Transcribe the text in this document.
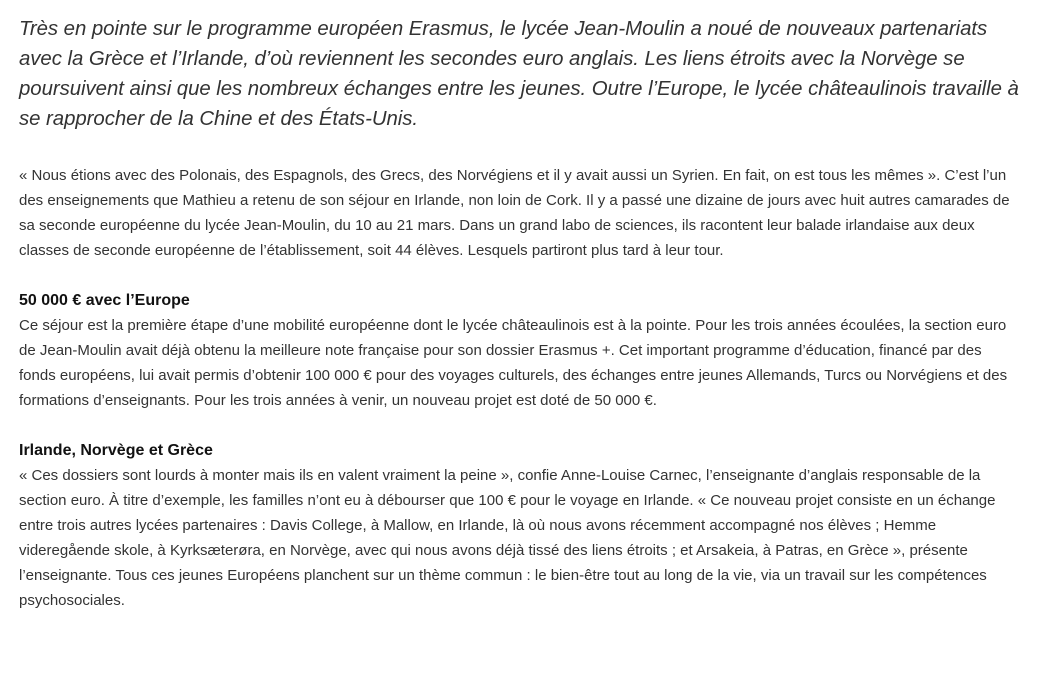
Très en pointe sur le programme européen Erasmus, le lycée Jean-Moulin a noué de nouveaux partenariats avec la Grèce et l’Irlande, d’où reviennent les secondes euro anglais. Les liens étroits avec la Norvège se poursuivent ainsi que les nombreux échanges entre les jeunes. Outre l’Europe, le lycée châteaulinois travaille à se rapprocher de la Chine et des États-Unis.

« Nous étions avec des Polonais, des Espagnols, des Grecs, des Norvégiens et il y avait aussi un Syrien. En fait, on est tous les mêmes ». C’est l’un des enseignements que Mathieu a retenu de son séjour en Irlande, non loin de Cork. Il y a passé une dizaine de jours avec huit autres camarades de sa seconde européenne du lycée Jean-Moulin, du 10 au 21 mars. Dans un grand labo de sciences, ils racontent leur balade irlandaise aux deux classes de seconde européenne de l’établissement, soit 44 élèves. Lesquels partiront plus tard à leur tour.

50 000 € avec l’Europe

Ce séjour est la première étape d’une mobilité européenne dont le lycée châteaulinois est à la pointe. Pour les trois années écoulées, la section euro de Jean-Moulin avait déjà obtenu la meilleure note française pour son dossier Erasmus +. Cet important programme d’éducation, financé par des fonds européens, lui avait permis d’obtenir 100 000 € pour des voyages culturels, des échanges entre jeunes Allemands, Turcs ou Norvégiens et des formations d’enseignants. Pour les trois années à venir, un nouveau projet est doté de 50 000 €.

Irlande, Norvège et Grèce

« Ces dossiers sont lourds à monter mais ils en valent vraiment la peine », confie Anne-Louise Carnec, l’enseignante d’anglais responsable de la section euro. À titre d’exemple, les familles n’ont eu à débourser que 100 € pour le voyage en Irlande. « Ce nouveau projet consiste en un échange entre trois autres lycées partenaires : Davis College, à Mallow, en Irlande, là où nous avons récemment accompagné nos élèves ; Hemme videregående skole, à Kyrksæterøra, en Norvège, avec qui nous avons déjà tissé des liens étroits ; et Arsakeia, à Patras, en Grèce », présente l’enseignante. Tous ces jeunes Européens planchent sur un thème commun : le bien-être tout au long de la vie, via un travail sur les compétences psychosociales.
